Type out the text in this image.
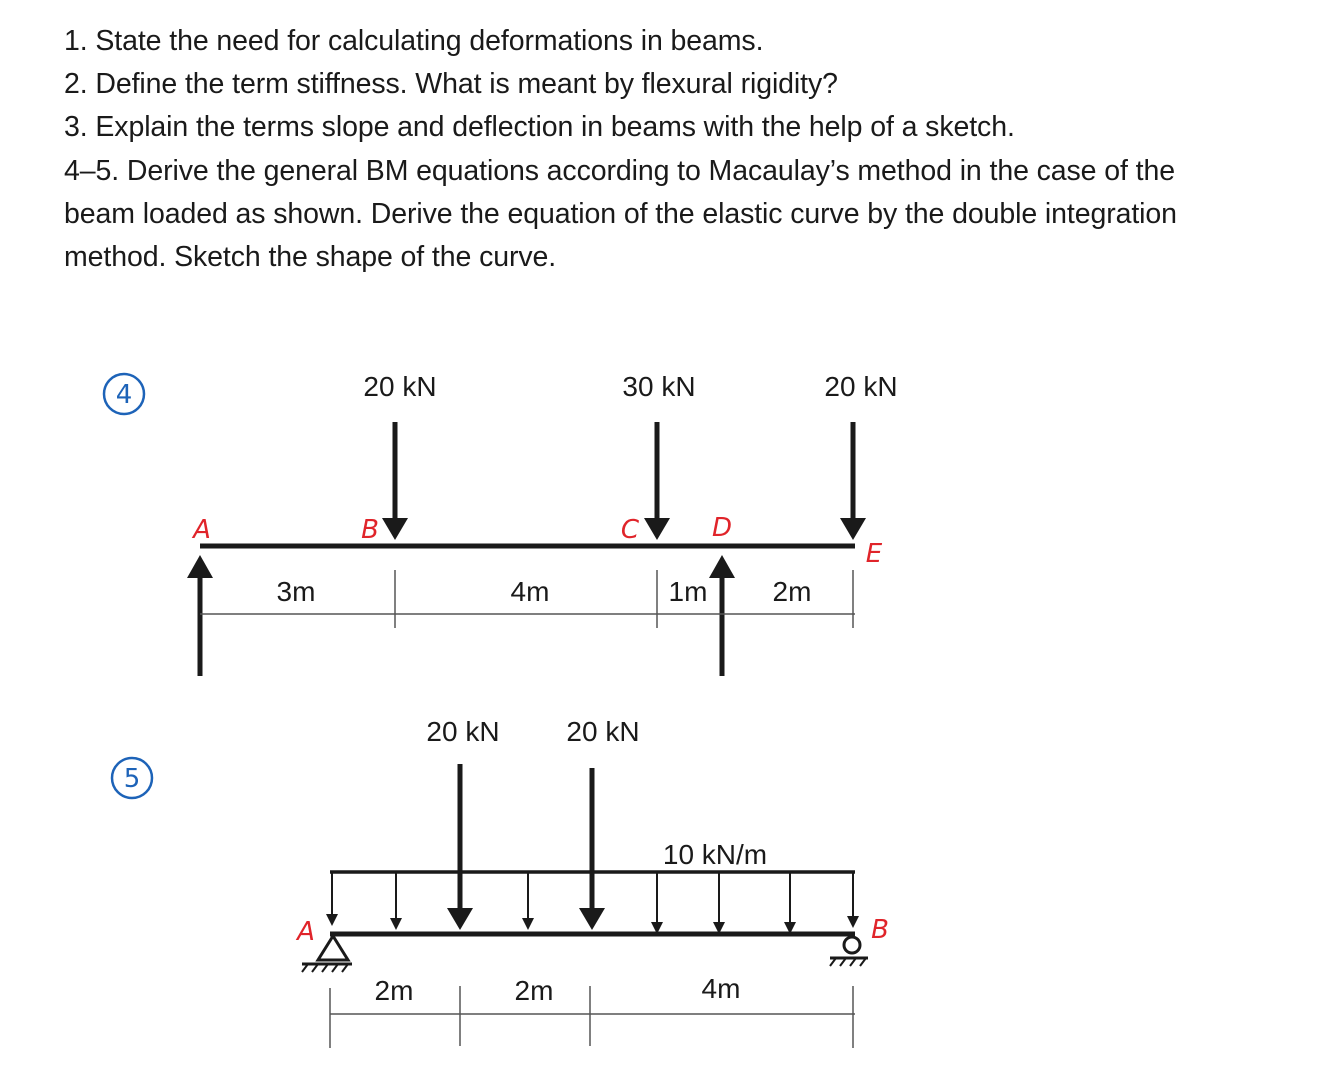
1. State the need for calculating deformations in beams.
2. Define the term stiffness. What is meant by flexural rigidity?
3. Explain the terms slope and deflection in beams with the help of a sketch.
4–5. Derive the general BM equations according to Macaulay’s method in the case of the
beam loaded as shown. Derive the equation of the elastic curve by the double integration
method. Sketch the shape of the curve.
4	20 kN	30 kN	20 kN
A	B	C	D
E
3m	4m	1m 2m
5
20 kN 20 kN
10 kN/m
A	B
2m	2m	4m
